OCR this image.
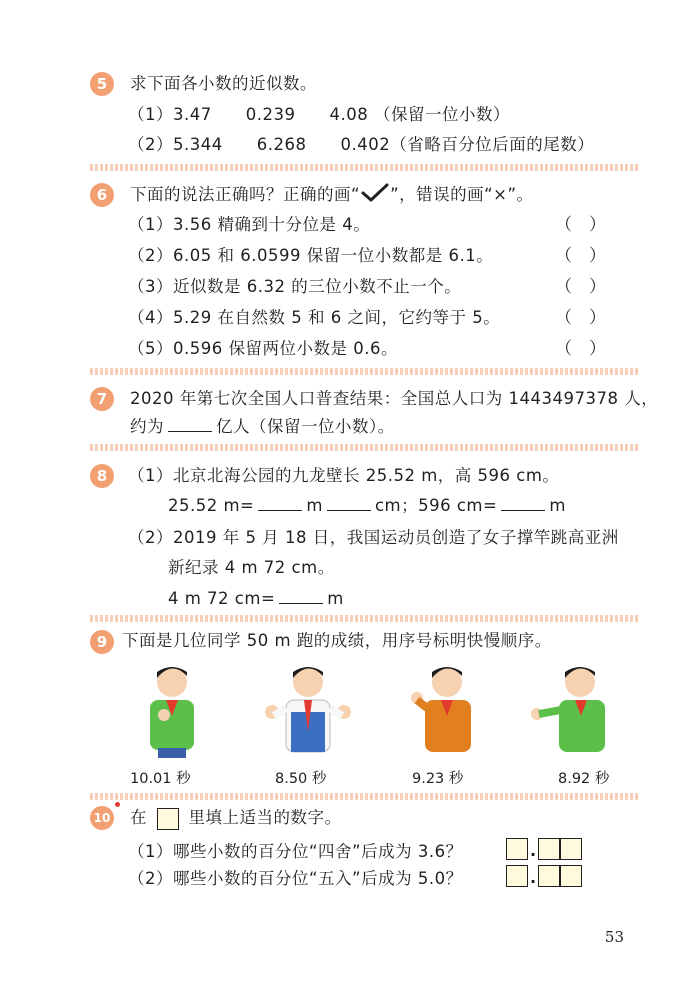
5	求下面各小数的近似数。
（1）3.47　　0.239　　4.08 （保留一位小数）
（2）5.344　　6.268　　0.402（省略百分位后面的尾数）
6	下面的说法正确吗？正确的画“ ”，错误的画“×”。
（1）3.56 精确到十分位是 4。	（　）
（2）6.05 和 6.0599 保留一位小数都是 6.1。	（　）
（3）近似数是 6.32 的三位小数不止一个。	（　）
（4）5.29 在自然数 5 和 6 之间，它约等于 5。	（　）
（5）0.596 保留两位小数是 0.6。	（　）
7	2020 年第七次全国人口普查结果：全国总人口为 1443497378 人，
约为	亿人（保留一位小数）。
8	（1）北京北海公园的九龙壁长 25.52 m，高 596 cm。
25.52 m=	m	cm；596 cm=	m
（2）2019 年 5 月 18 日，我国运动员创造了女子撑竿跳高亚洲
新纪录 4 m 72 cm。
4 m 72 cm=	m
9 下面是几位同学 50 m 跑的成绩，用序号标明快慢顺序。
10.01 秒	8.50 秒	9.23 秒	8.92 秒
10 在	里填上适当的数字。
（1）哪些小数的百分位“四舍”后成为 3.6？	.
（2）哪些小数的百分位“五入”后成为 5.0？	.
53
